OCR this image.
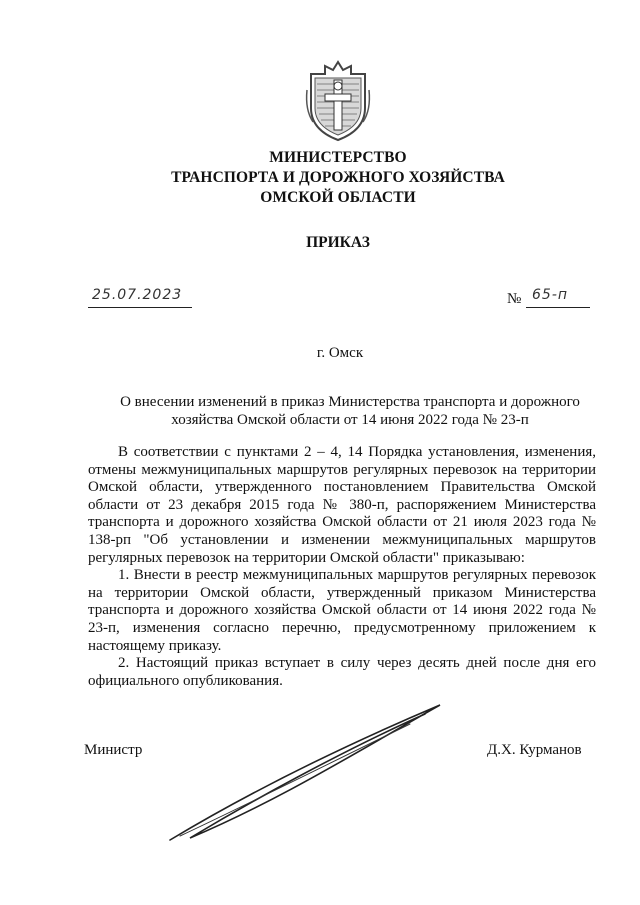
МИНИСТЕРСТВО
ТРАНСПОРТА И ДОРОЖНОГО ХОЗЯЙСТВА
ОМСКОЙ ОБЛАСТИ
ПРИКАЗ
25.07.2023	№ 65-п
г. Омск
О внесении изменений в приказ Министерства транспорта и дорожного хозяйства Омской области от 14 июня 2022 года № 23-п

В соответствии с пунктами 2 – 4, 14 Порядка установления, изменения, отмены межмуниципальных маршрутов регулярных перевозок на территории Омской области, утвержденного постановлением Правительства Омской области от 23 декабря 2015 года № 380-п, распоряжением Министерства транспорта и дорожного хозяйства Омской области от 21 июля 2023 года № 138-рп "Об установлении и изменении межмуниципальных маршрутов регулярных перевозок на территории Омской области" приказываю:

1. Внести в реестр межмуниципальных маршрутов регулярных перевозок на территории Омской области, утвержденный приказом Министерства транспорта и дорожного хозяйства Омской области от 14 июня 2022 года № 23-п, изменения согласно перечню, предусмотренному приложением к настоящему приказу.

2. Настоящий приказ вступает в силу через десять дней после дня его официального опубликования.

Министр	Д.Х. Курманов
